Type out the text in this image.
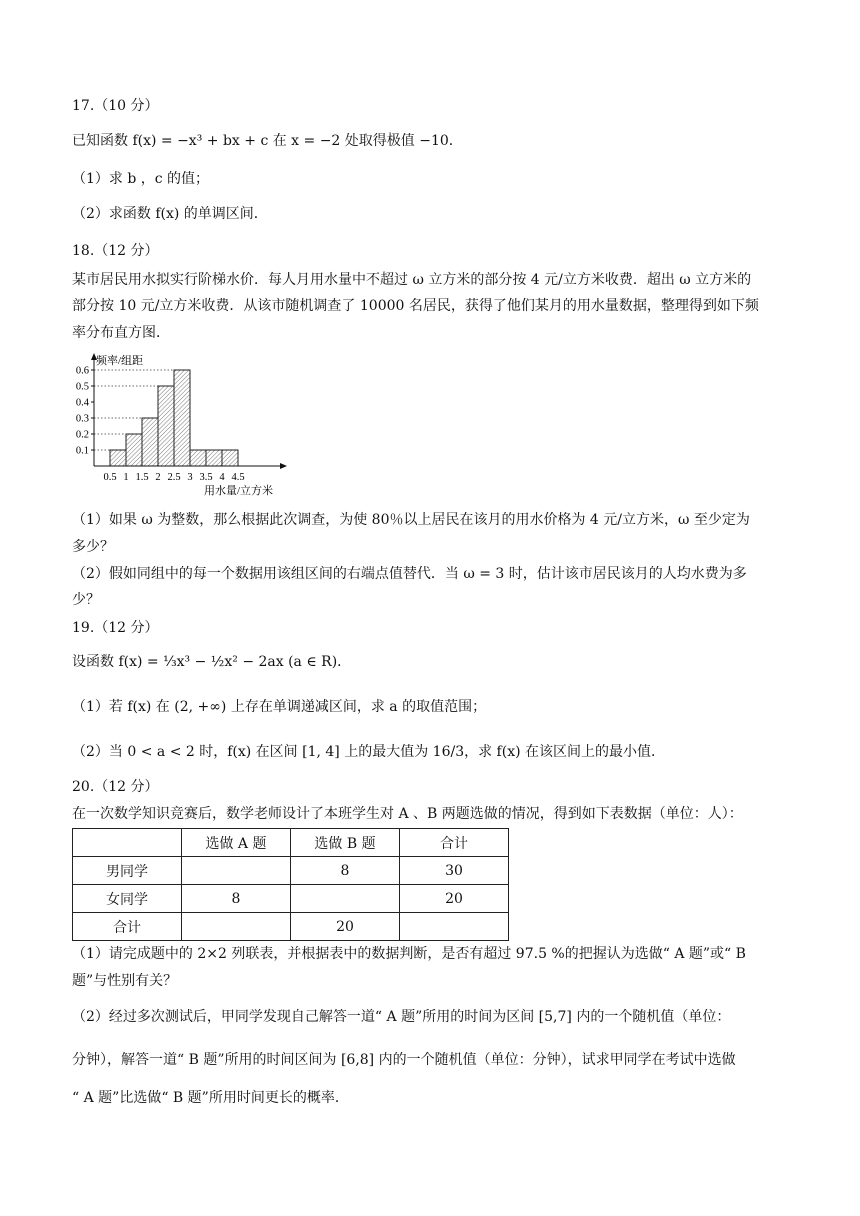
17.（10 分）
已知函数 f(x) = −x³ + bx + c 在 x = −2 处取得极值 −10．
（1）求 b ，c 的值；
（2）求函数 f(x) 的单调区间．
18.（12 分）
某市居民用水拟实行阶梯水价．每人月用水量中不超过 ω 立方米的部分按 4 元/立方米收费．超出 ω 立方米的
部分按 10 元/立方米收费．从该市随机调查了 10000 名居民，获得了他们某月的用水量数据，整理得到如下频
率分布直方图．
0.1
0.2
0.3
0.4
0.5
0.6
0.5 1 1.5 2 2.5 3 3.5 4 4.5
频率/组距
用水量/立方米
（1）如果 ω 为整数，那么根据此次调查，为使 80％以上居民在该月的用水价格为 4 元/立方米，ω 至少定为
多少？
（2）假如同组中的每一个数据用该组区间的右端点值替代．当 ω = 3 时，估计该市居民该月的人均水费为多
少？
19.（12 分）
设函数 f(x) = ⅓x³ − ½x² − 2ax (a ∈ R)．
（1）若 f(x) 在 (2, +∞) 上存在单调递减区间，求 a 的取值范围；
（2）当 0 < a < 2 时，f(x) 在区间 [1, 4] 上的最大值为 16/3，求 f(x) 在该区间上的最小值．
20.（12 分）
在一次数学知识竞赛后，数学老师设计了本班学生对 A 、B 两题选做的情况，得到如下表数据（单位：人）：
	选做 A 题	选做 B 题	合计
男同学		8	30
女同学	8		20
合计		20	
（1）请完成题中的 2×2 列联表，并根据表中的数据判断，是否有超过 97.5 %的把握认为选做“ A 题”或“ B
题”与性别有关？
（2）经过多次测试后，甲同学发现自己解答一道“ A 题”所用的时间为区间 [5,7] 内的一个随机值（单位：
分钟），解答一道“ B 题”所用的时间区间为 [6,8] 内的一个随机值（单位：分钟），试求甲同学在考试中选做
“ A 题”比选做“ B 题”所用时间更长的概率．
